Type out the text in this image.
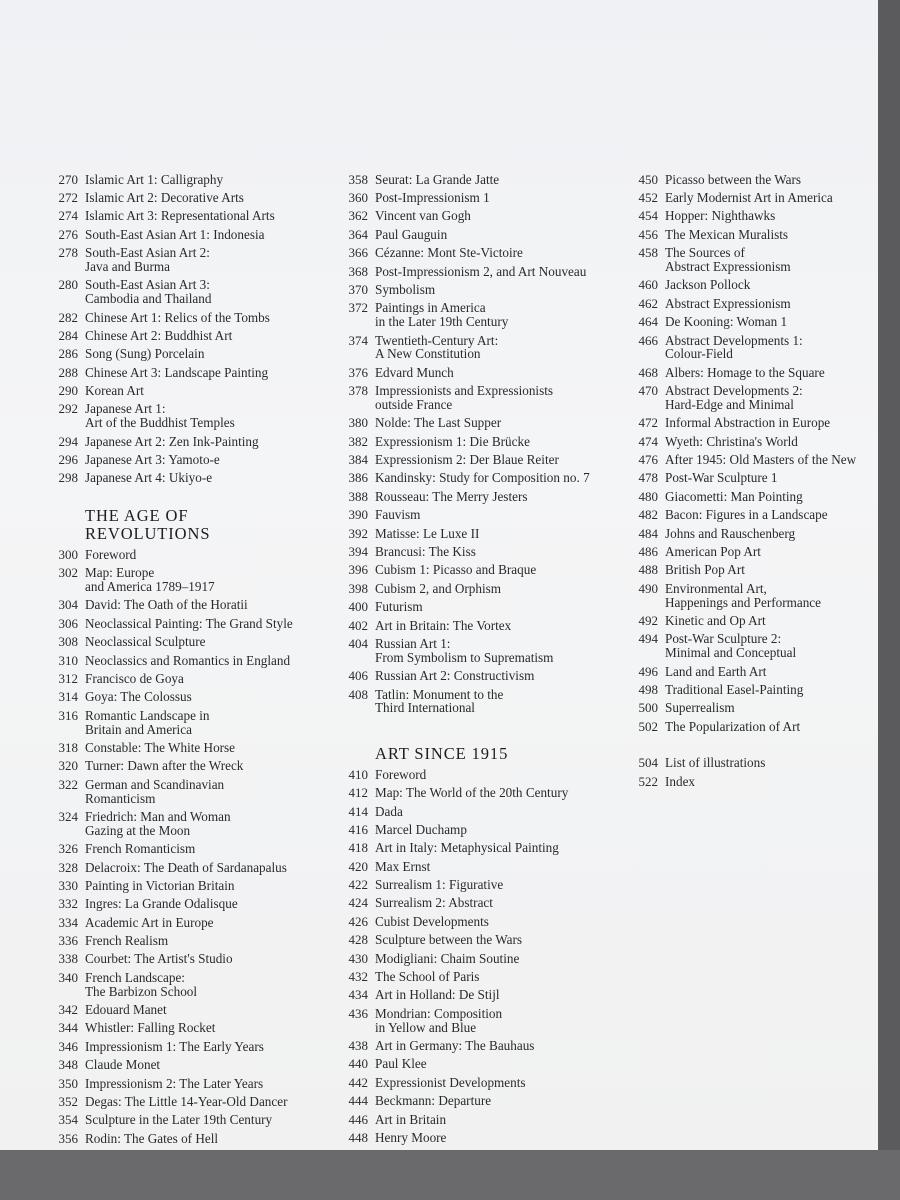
270 Islamic Art 1: Calligraphy
272 Islamic Art 2: Decorative Arts
274 Islamic Art 3: Representational Arts
276 South-East Asian Art 1: Indonesia
278 South-East Asian Art 2:
Java and Burma
280 South-East Asian Art 3:
Cambodia and Thailand
282 Chinese Art 1: Relics of the Tombs
284 Chinese Art 2: Buddhist Art
286 Song (Sung) Porcelain
288 Chinese Art 3: Landscape Painting
290 Korean Art
292 Japanese Art 1:
Art of the Buddhist Temples
294 Japanese Art 2: Zen Ink-Painting
296 Japanese Art 3: Yamoto-e
298 Japanese Art 4: Ukiyo-e
THE AGE OF
REVOLUTIONS
300 Foreword
302 Map: Europe
and America 1789–1917
304 David: The Oath of the Horatii
306 Neoclassical Painting: The Grand Style
308 Neoclassical Sculpture
310 Neoclassics and Romantics in England
312 Francisco de Goya
314 Goya: The Colossus
316 Romantic Landscape in
Britain and America
318 Constable: The White Horse
320 Turner: Dawn after the Wreck
322 German and Scandinavian
Romanticism
324 Friedrich: Man and Woman
Gazing at the Moon
326 French Romanticism
328 Delacroix: The Death of Sardanapalus
330 Painting in Victorian Britain
332 Ingres: La Grande Odalisque
334 Academic Art in Europe
336 French Realism
338 Courbet: The Artist's Studio
340 French Landscape:
The Barbizon School
342 Edouard Manet
344 Whistler: Falling Rocket
346 Impressionism 1: The Early Years
348 Claude Monet
350 Impressionism 2: The Later Years
352 Degas: The Little 14-Year-Old Dancer
354 Sculpture in the Later 19th Century
356 Rodin: The Gates of Hell
358 Seurat: La Grande Jatte
360 Post-Impressionism 1
362 Vincent van Gogh
364 Paul Gauguin
366 Cézanne: Mont Ste-Victoire
368 Post-Impressionism 2, and Art Nouveau
370 Symbolism
372 Paintings in America
in the Later 19th Century
374 Twentieth-Century Art:
A New Constitution
376 Edvard Munch
378 Impressionists and Expressionists
outside France
380 Nolde: The Last Supper
382 Expressionism 1: Die Brücke
384 Expressionism 2: Der Blaue Reiter
386 Kandinsky: Study for Composition no. 7
388 Rousseau: The Merry Jesters
390 Fauvism
392 Matisse: Le Luxe II
394 Brancusi: The Kiss
396 Cubism 1: Picasso and Braque
398 Cubism 2, and Orphism
400 Futurism
402 Art in Britain: The Vortex
404 Russian Art 1:
From Symbolism to Suprematism
406 Russian Art 2: Constructivism
408 Tatlin: Monument to the
Third International
ART SINCE 1915
410 Foreword
412 Map: The World of the 20th Century
414 Dada
416 Marcel Duchamp
418 Art in Italy: Metaphysical Painting
420 Max Ernst
422 Surrealism 1: Figurative
424 Surrealism 2: Abstract
426 Cubist Developments
428 Sculpture between the Wars
430 Modigliani: Chaim Soutine
432 The School of Paris
434 Art in Holland: De Stijl
436 Mondrian: Composition
in Yellow and Blue
438 Art in Germany: The Bauhaus
440 Paul Klee
442 Expressionist Developments
444 Beckmann: Departure
446 Art in Britain
448 Henry Moore
450 Picasso between the Wars
452 Early Modernist Art in America
454 Hopper: Nighthawks
456 The Mexican Muralists
458 The Sources of
Abstract Expressionism
460 Jackson Pollock
462 Abstract Expressionism
464 De Kooning: Woman 1
466 Abstract Developments 1:
Colour-Field
468 Albers: Homage to the Square
470 Abstract Developments 2:
Hard-Edge and Minimal
472 Informal Abstraction in Europe
474 Wyeth: Christina's World
476 After 1945: Old Masters of the New
478 Post-War Sculpture 1
480 Giacometti: Man Pointing
482 Bacon: Figures in a Landscape
484 Johns and Rauschenberg
486 American Pop Art
488 British Pop Art
490 Environmental Art,
Happenings and Performance
492 Kinetic and Op Art
494 Post-War Sculpture 2:
Minimal and Conceptual
496 Land and Earth Art
498 Traditional Easel-Painting
500 Superrealism
502 The Popularization of Art
504 List of illustrations
522 Index
